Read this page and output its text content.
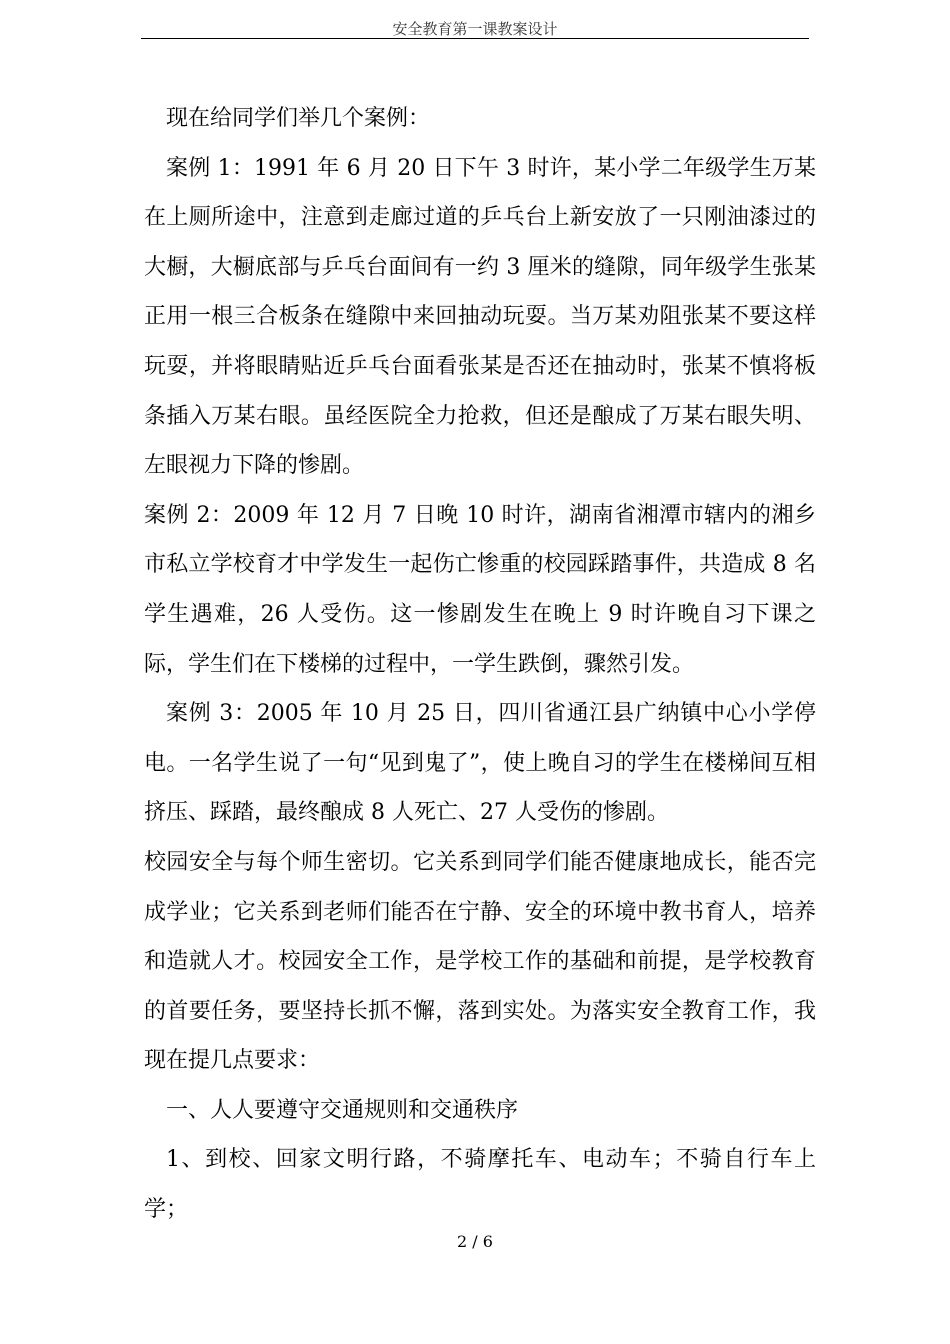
安全教育第一课教案设计

现在给同学们举几个案例：

案例 1：1991 年 6 月 20 日下午 3 时许，某小学二年级学生万某在上厕所途中，注意到走廊过道的乒乓台上新安放了一只刚油漆过的大橱，大橱底部与乒乓台面间有一约 3 厘米的缝隙，同年级学生张某正用一根三合板条在缝隙中来回抽动玩耍。当万某劝阻张某不要这样玩耍，并将眼睛贴近乒乓台面看张某是否还在抽动时，张某不慎将板条插入万某右眼。虽经医院全力抢救，但还是酿成了万某右眼失明、左眼视力下降的惨剧。

案例 2：2009 年 12 月 7 日晚 10 时许，湖南省湘潭市辖内的湘乡市私立学校育才中学发生一起伤亡惨重的校园踩踏事件，共造成 8 名学生遇难，26 人受伤。这一惨剧发生在晚上 9 时许晚自习下课之际，学生们在下楼梯的过程中，一学生跌倒，骤然引发。

案例 3：2005 年 10 月 25 日，四川省通江县广纳镇中心小学停电。一名学生说了一句“见到鬼了”，使上晚自习的学生在楼梯间互相挤压、踩踏，最终酿成 8 人死亡、27 人受伤的惨剧。

校园安全与每个师生密切。它关系到同学们能否健康地成长，能否完成学业；它关系到老师们能否在宁静、安全的环境中教书育人，培养和造就人才。校园安全工作，是学校工作的基础和前提，是学校教育的首要任务，要坚持长抓不懈，落到实处。为落实安全教育工作，我现在提几点要求：

一、人人要遵守交通规则和交通秩序

1、到校、回家文明行路，不骑摩托车、电动车；不骑自行车上学；

2 / 6
